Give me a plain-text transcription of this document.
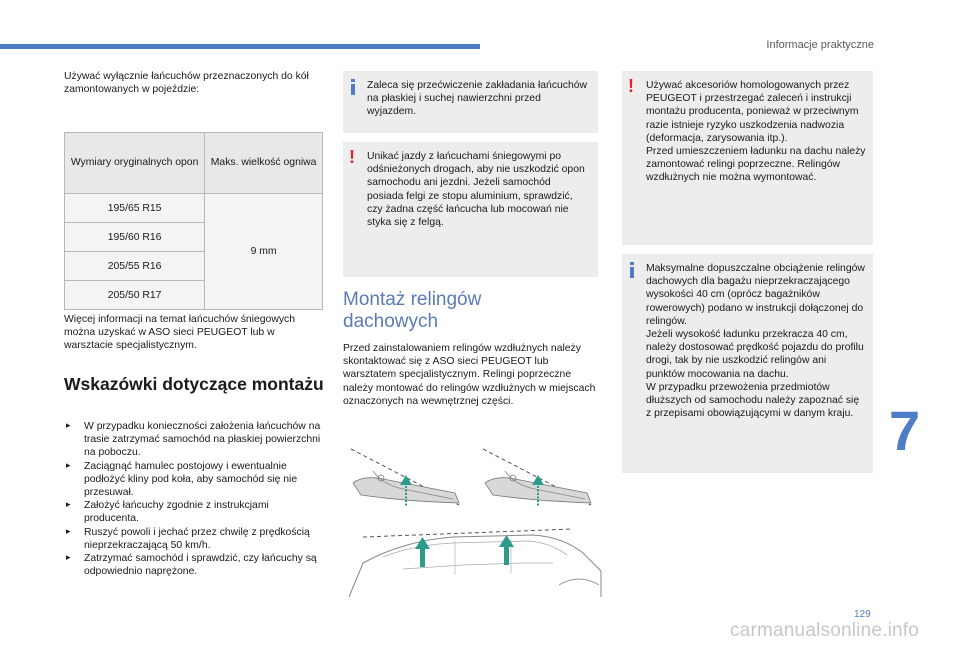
Informacje praktyczne
Używać wyłącznie łańcuchów przeznaczonych do kół zamontowanych w pojeździe:
Wymiary oryginalnych opon	Maks. wielkość ogniwa
195/65 R15	9 mm
195/60 R16	
205/55 R16	
205/50 R17	
Więcej informacji na temat łańcuchów śniegowych można uzyskać w ASO sieci PEUGEOT lub w warsztacie specjalistycznym.
Wskazówki dotyczące montażu
▸ W przypadku konieczności założenia łańcuchów na trasie zatrzymać samochód na płaskiej powierzchni na poboczu.
▸ Zaciągnąć hamulec postojowy i ewentualnie podłożyć kliny pod koła, aby samochód się nie przesuwał.
▸ Założyć łańcuchy zgodnie z instrukcjami producenta.
▸ Ruszyć powoli i jechać przez chwilę z prędkością nieprzekraczającą 50 km/h.
▸ Zatrzymać samochód i sprawdzić, czy łańcuchy są odpowiednio naprężone.
Zaleca się przećwiczenie zakładania łańcuchów na płaskiej i suchej nawierzchni przed wyjazdem.
! Unikać jazdy z łańcuchami śniegowymi po odśnieżonych drogach, aby nie uszkodzić opon samochodu ani jezdni. Jeżeli samochód posiada felgi ze stopu aluminium, sprawdzić, czy żadna część łańcucha lub mocowań nie styka się z felgą.
Montaż relingów dachowych
Przed zainstalowaniem relingów wzdłużnych należy skontaktować się z ASO sieci PEUGEOT lub warsztatem specjalistycznym. Relingi poprzeczne należy montować do relingów wzdłużnych w miejscach oznaczonych na wewnętrznej części.
! Używać akcesoriów homologowanych przez PEUGEOT i przestrzegać zaleceń i instrukcji montażu producenta, ponieważ w przeciwnym razie istnieje ryzyko uszkodzenia nadwozia (deformacja, zarysowania itp.).
Przed umieszczeniem ładunku na dachu należy zamontować relingi poprzeczne. Relingów wzdłużnych nie można wymontować.
Maksymalne dopuszczalne obciążenie relingów dachowych dla bagażu nieprzekraczającego wysokości 40 cm (oprócz bagażników rowerowych) podano w instrukcji dołączonej do relingów.
Jeżeli wysokość ładunku przekracza 40 cm, należy dostosować prędkość pojazdu do profilu drogi, tak by nie uszkodzić relingów ani punktów mocowania na dachu.
W przypadku przewożenia przedmiotów dłuższych od samochodu należy zapoznać się z przepisami obowiązującymi w danym kraju. 7
129
carmanualsonline.info
